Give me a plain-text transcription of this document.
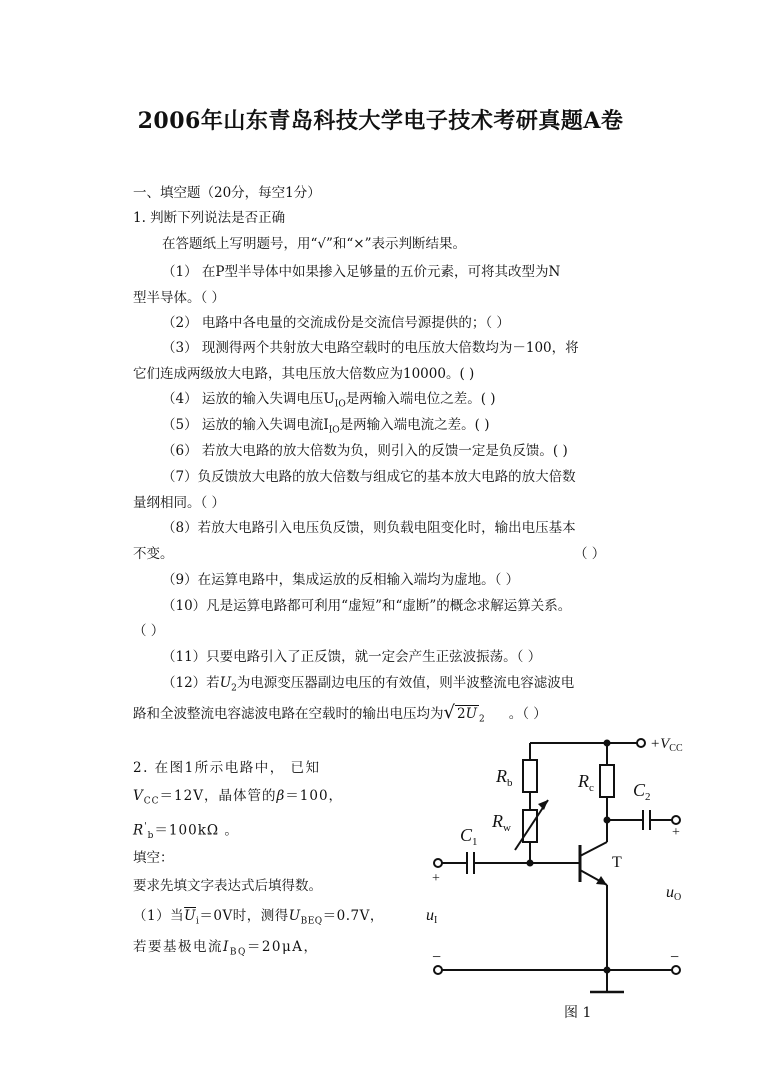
2006年山东青岛科技大学电子技术考研真题A卷
一、填空题（20分，每空1分）
1. 判断下列说法是否正确
在答题纸上写明题号，用“√”和“×”表示判断结果。
（1） 在P型半导体中如果掺入足够量的五价元素，可将其改型为N
型半导体。（ ）
（2） 电路中各电量的交流成份是交流信号源提供的；（ ）
（3） 现测得两个共射放大电路空载时的电压放大倍数均为－100，将
它们连成两级放大电路，其电压放大倍数应为10000。( )
（4） 运放的输入失调电压$U_{IO}$是两输入端电位之差。( )
（5） 运放的输入失调电流$I_{IO}$是两输入端电流之差。( )
（6） 若放大电路的放大倍数为负，则引入的反馈一定是负反馈。( )
（7）负反馈放大电路的放大倍数与组成它的基本放大电路的放大倍数
量纲相同。（ ）
（8）若放大电路引入电压负反馈，则负载电阻变化时，输出电压基本
不变。	（ ）
（9）在运算电路中，集成运放的反相输入端均为虚地。（ ）
（10）凡是运算电路都可利用“虚短”和“虚断”的概念求解运算关系。
（ ）
（11）只要电路引入了正反馈，就一定会产生正弦波振荡。（ ）
（12）若$U_2$为电源变压器副边电压的有效值，则半波整流电容滤波电
路和全波整流电容滤波电路在空载时的输出电压均为√ 2U $_2$ 。（ ）
2. 在图1所示电路中， 已知
$V_{CC}=12V$，晶体管的β＝100，
$R'_b=100k\Omega$ 。
填空：
要求先填文字表达式后填得数。
（1）当$\overline{U}_i=0V$时，测得$U_{BEQ}=0.7V$，
若要基极电流$I_{BQ}=20\mu A$，
$+V_{CC}$
$R_b$
$R_w$
$R_c$ $C_2$
$C_1$
T
uI
uO
+
+
−	−
图 1
